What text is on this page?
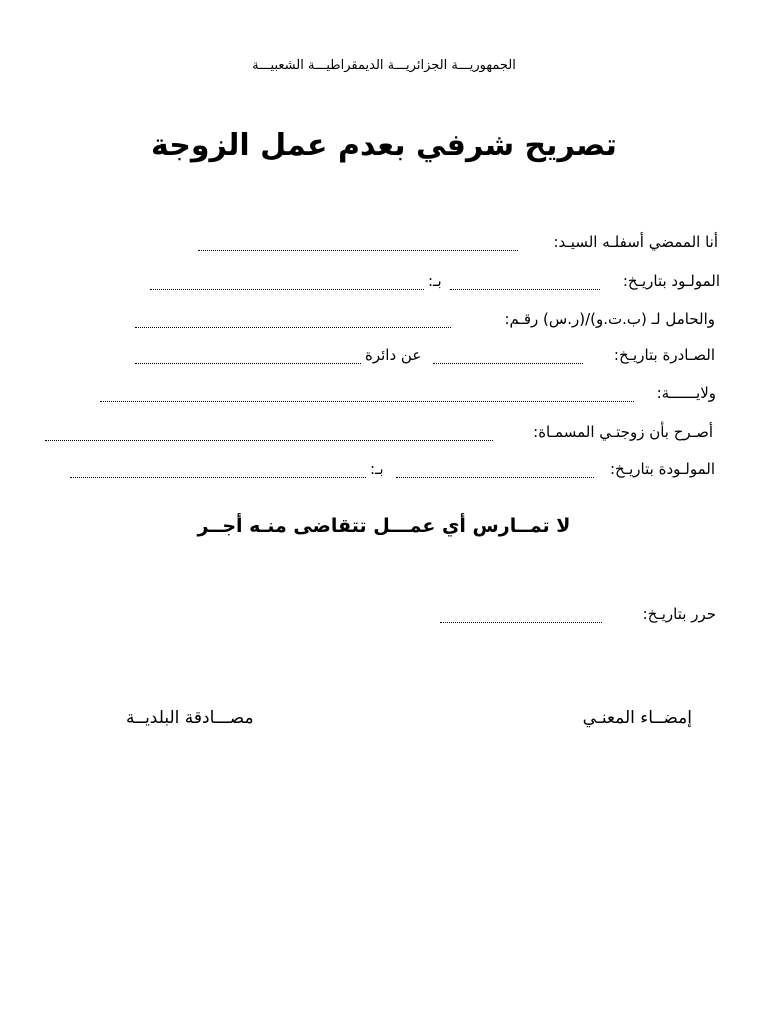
الجمهوريـــة الجزائريـــة الديمقراطيـــة الشعبيـــة
تصريح شرفي بعدم عمل الزوجة
أنا الممضي أسفلـه السيـد:
المولـود بتاريـخ:
بـ:
والحامل لـ (ب.ت.و)/(ر.س) رقـم:
الصـادرة بتاريـخ:
عن دائرة
ولايــــــة:
أصـرح بأن زوجتـي المسمـاة:
المولـودة بتاريـخ:
بـ:
لا تمــارس أي عمـــل تتقاضى منـه أجــر
حرر بتاريـخ:
إمضــاء المعنـي
مصـــادقة البلديــة
